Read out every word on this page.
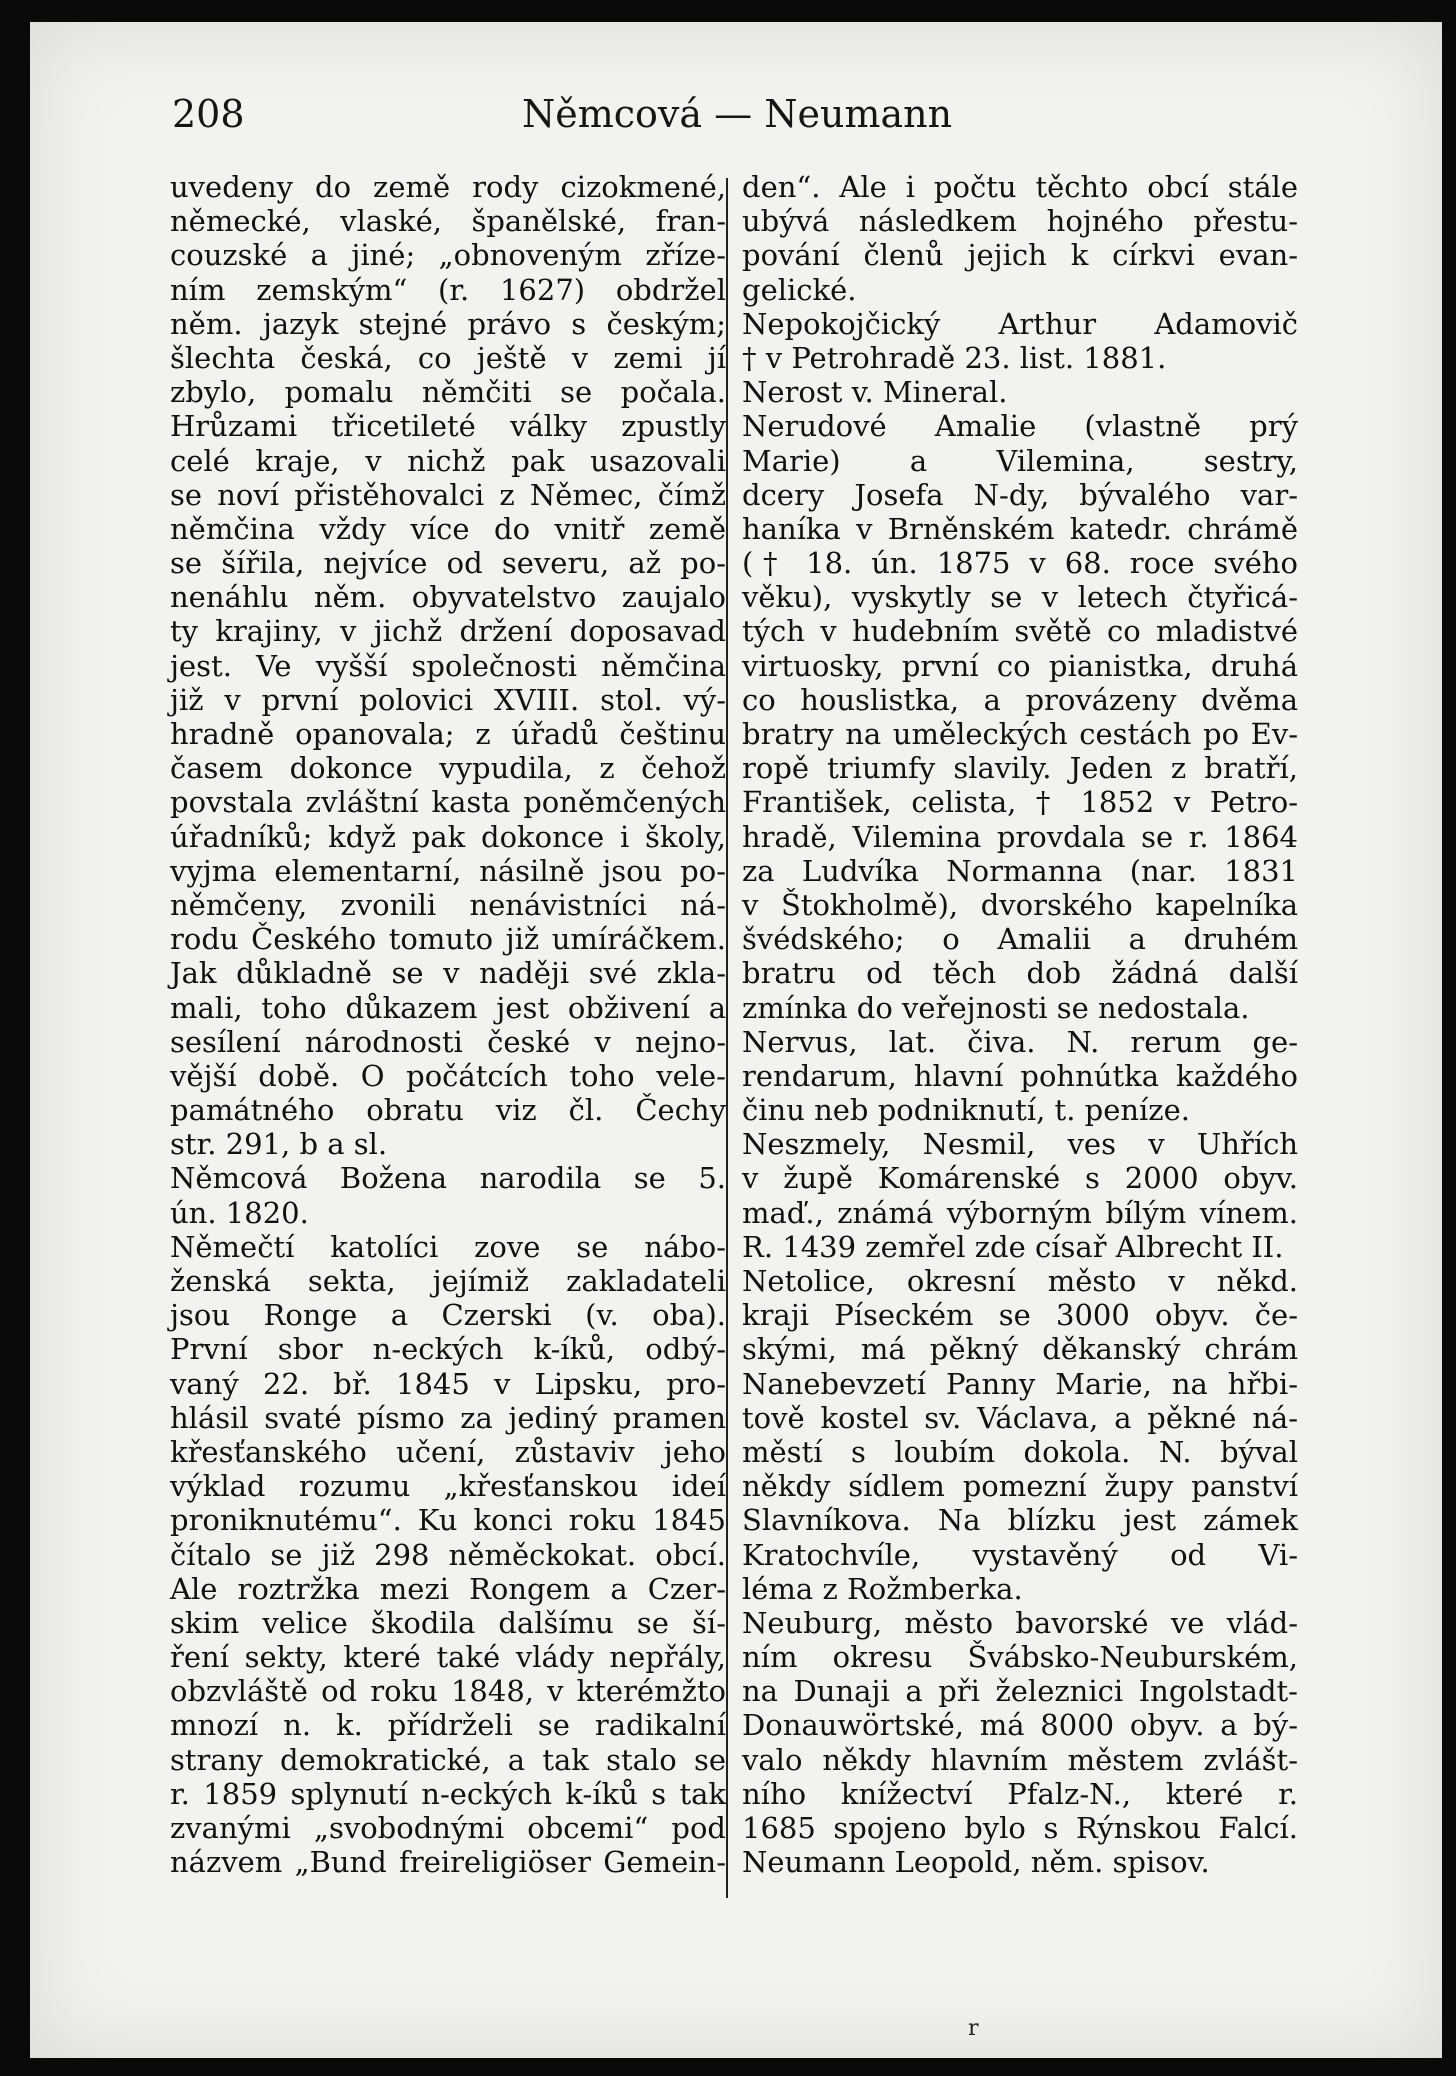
208	Němcová — Neumann
uvedeny do země rody cizokmené,
německé, vlaské, španělské, fran-
couzské a jiné; „obnoveným zříze-
ním zemským“ (r. 1627) obdržel
něm. jazyk stejné právo s českým;
šlechta česká, co ještě v zemi jí
zbylo, pomalu němčiti se počala.
Hrůzami třicetileté války zpustly
celé kraje, v nichž pak usazovali
se noví přistěhovalci z Němec, čímž
němčina vždy více do vnitř země
se šířila, nejvíce od severu, až po-
nenáhlu něm. obyvatelstvo zaujalo
ty krajiny, v jichž držení doposavad
jest. Ve vyšší společnosti němčina
již v první polovici XVIII. stol. vý-
hradně opanovala; z úřadů češtinu
časem dokonce vypudila, z čehož
povstala zvláštní kasta poněmčených
úřadníků; když pak dokonce i školy,
vyjma elementarní, násilně jsou po-
němčeny, zvonili nenávistníci ná-
rodu Českého tomuto již umíráčkem.
Jak důkladně se v naději své zkla-
mali, toho důkazem jest obživení a
sesílení národnosti české v nejno-
vější době. O počátcích toho vele-
památného obratu viz čl. Čechy
str. 291, b a sl.
Němcová Božena narodila se 5.
ún. 1820.
Němečtí katolíci zove se nábo-
ženská sekta, jejímiž zakladateli
jsou Ronge a Czerski (v. oba).
První sbor n-eckých k-íků, odbý-
vaný 22. bř. 1845 v Lipsku, pro-
hlásil svaté písmo za jediný pramen
křesťanského učení, zůstaviv jeho
výklad rozumu „křesťanskou ideí
proniknutému“. Ku konci roku 1845
čítalo se již 298 něměckokat. obcí.
Ale roztržka mezi Rongem a Czer-
skim velice škodila dalšímu se ší-
ření sekty, které také vlády nepřály,
obzvláště od roku 1848, v kterémžto
mnozí n. k. přídrželi se radikalní
strany demokratické, a tak stalo se
r. 1859 splynutí n-eckých k-íků s tak
zvanými „svobodnými obcemi“ pod
názvem „Bund freireligiöser Gemein-
den“. Ale i počtu těchto obcí stále
ubývá následkem hojného přestu-
pování členů jejich k církvi evan-
gelické.
Nepokojčický Arthur Adamovič
† v Petrohradě 23. list. 1881.
Nerost v. Mineral.
Nerudové Amalie (vlastně prý
Marie) a Vilemina, sestry,
dcery Josefa N-dy, bývalého var-
haníka v Brněnském katedr. chrámě
(† 18. ún. 1875 v 68. roce svého
věku), vyskytly se v letech čtyřicá-
tých v hudebním světě co mladistvé
virtuosky, první co pianistka, druhá
co houslistka, a provázeny dvěma
bratry na uměleckých cestách po Ev-
ropě triumfy slavily. Jeden z bratří,
František, celista, † 1852 v Petro-
hradě, Vilemina provdala se r. 1864
za Ludvíka Normanna (nar. 1831
v Štokholmě), dvorského kapelníka
švédského; o Amalii a druhém
bratru od těch dob žádná další
zmínka do veřejnosti se nedostala.
Nervus, lat. čiva. N. rerum ge-
rendarum, hlavní pohnútka každého
činu neb podniknutí, t. peníze.
Neszmely, Nesmil, ves v Uhřích
v župě Komárenské s 2000 obyv.
maď., známá výborným bílým vínem.
R. 1439 zemřel zde císař Albrecht II.
Netolice, okresní město v někd.
kraji Píseckém se 3000 obyv. če-
skými, má pěkný děkanský chrám
Nanebevzetí Panny Marie, na hřbi-
tově kostel sv. Václava, a pěkné ná-
městí s loubím dokola. N. býval
někdy sídlem pomezní župy panství
Slavníkova. Na blízku jest zámek
Kratochvíle, vystavěný od Vi-
léma z Rožmberka.
Neuburg, město bavorské ve vlád-
ním okresu Švábsko-Neuburském,
na Dunaji a při železnici Ingolstadt-
Donauwörtské, má 8000 obyv. a bý-
valo někdy hlavním městem zvlášt-
ního knížectví Pfalz-N., které r.
1685 spojeno bylo s Rýnskou Falcí.
Neumann Leopold, něm. spisov.
r
